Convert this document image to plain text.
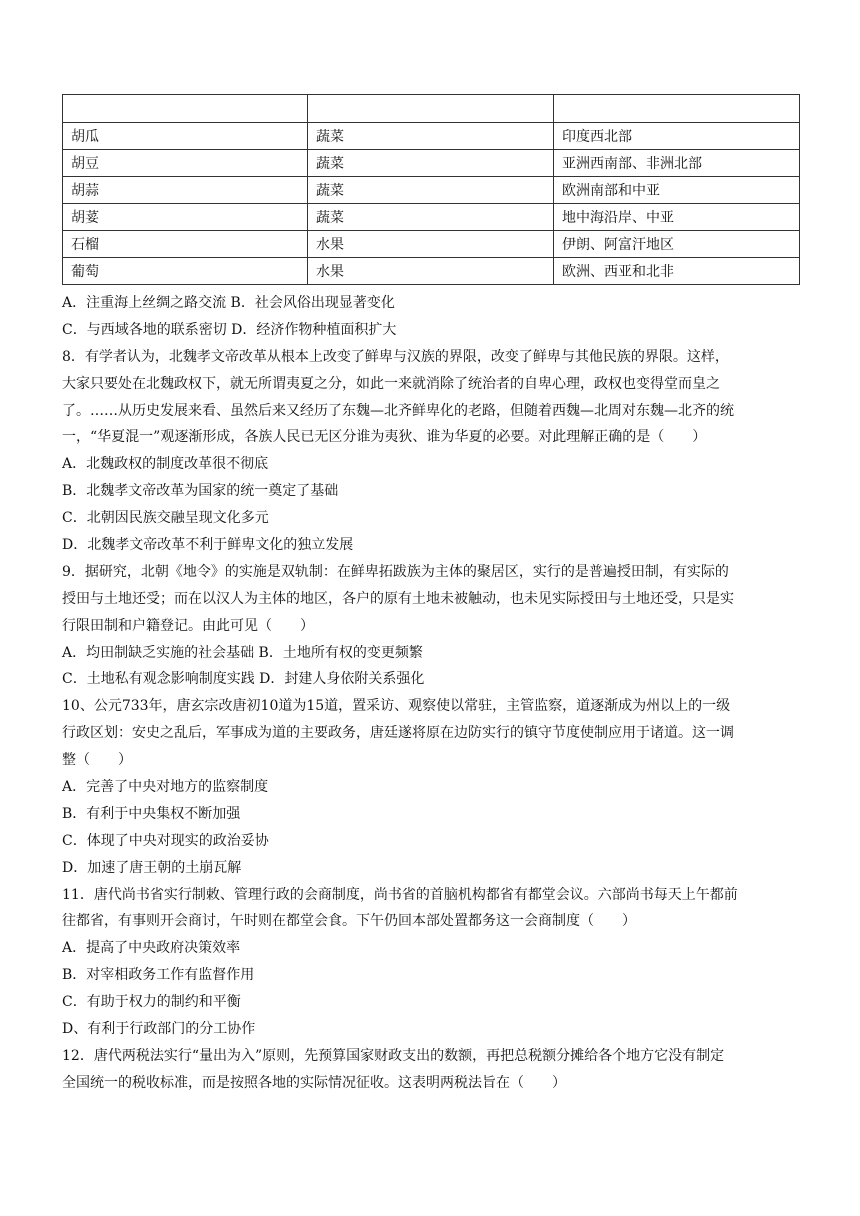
胡瓜	蔬菜	印度西北部
胡豆	蔬菜	亚洲西南部、非洲北部
胡蒜	蔬菜	欧洲南部和中亚
胡荽	蔬菜	地中海沿岸、中亚
石榴	水果	伊朗、阿富汗地区
葡萄	水果	欧洲、西亚和北非
A．注重海上丝绸之路交流 B．社会风俗出现显著变化
C．与西域各地的联系密切 D．经济作物种植面积扩大
8．有学者认为，北魏孝文帝改革从根本上改变了鲜卑与汉族的界限，改变了鲜卑与其他民族的界限。这样，
大家只要处在北魏政权下，就无所谓夷夏之分，如此一来就消除了统治者的自卑心理，政权也变得堂而皇之
了。……从历史发展来看、虽然后来又经历了东魏—北齐鲜卑化的老路，但随着西魏—北周对东魏—北齐的统
一，“华夏混一”观逐渐形成，各族人民已无区分谁为夷狄、谁为华夏的必要。对此理解正确的是（　　）
A．北魏政权的制度改革很不彻底
B．北魏孝文帝改革为国家的统一奠定了基础
C．北朝因民族交融呈现文化多元
D．北魏孝文帝改革不利于鲜卑文化的独立发展
9．据研究，北朝《地令》的实施是双轨制：在鲜卑拓跋族为主体的聚居区，实行的是普遍授田制，有实际的
授田与土地还受；而在以汉人为主体的地区，各户的原有土地未被触动，也未见实际授田与土地还受，只是实
行限田制和户籍登记。由此可见（　　）
A．均田制缺乏实施的社会基础 B．土地所有权的变更频繁
C．土地私有观念影响制度实践 D．封建人身依附关系强化
10、公元733年，唐玄宗改唐初10道为15道，置采访、观察使以常驻，主管监察，道逐渐成为州以上的一级
行政区划：安史之乱后，军事成为道的主要政务，唐廷遂将原在边防实行的镇守节度使制应用于诸道。这一调
整（　　）
A．完善了中央对地方的监察制度
B．有利于中央集权不断加强
C．体现了中央对现实的政治妥协
D．加速了唐王朝的土崩瓦解
11．唐代尚书省实行制敕、管理行政的会商制度，尚书省的首脑机构都省有都堂会议。六部尚书每天上午都前
往都省，有事则开会商讨，午时则在都堂会食。下午仍回本部处置都务这一会商制度（　　）
A．提高了中央政府决策效率
B．对宰相政务工作有监督作用
C．有助于权力的制约和平衡
D、有利于行政部门的分工协作
12．唐代两税法实行“量出为入”原则，先预算国家财政支出的数额，再把总税额分摊给各个地方它没有制定
全国统一的税收标准，而是按照各地的实际情况征收。这表明两税法旨在（　　）
